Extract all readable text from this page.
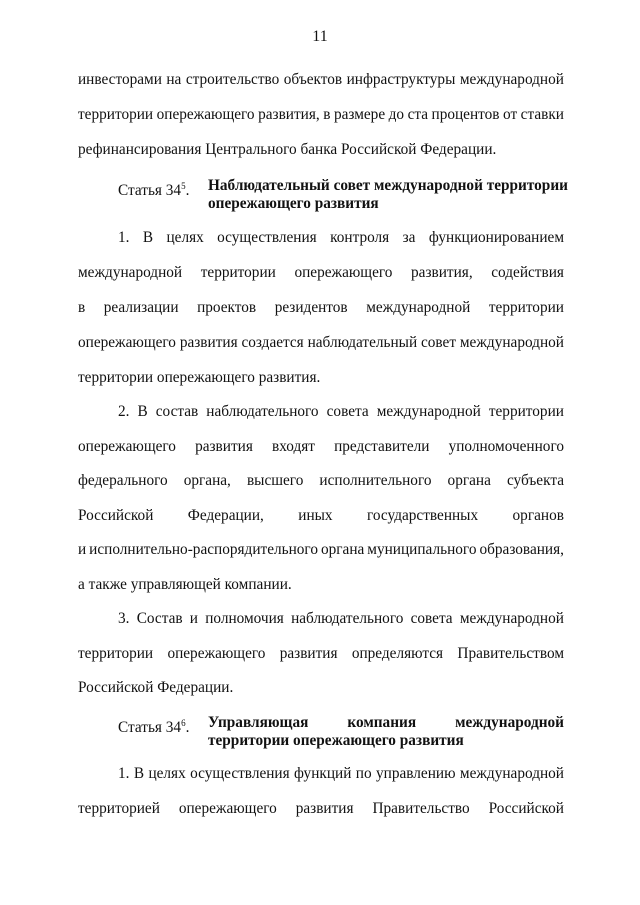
11
инвесторами на строительство объектов инфраструктуры международной
территории опережающего развития, в размере до ста процентов от ставки
рефинансирования Центрального банка Российской Федерации.
Статья $34^5$. Наблюдательный совет международной территории
опережающего развития
1. В целях осуществления контроля за функционированием
международной территории опережающего развития, содействия
в реализации проектов резидентов международной территории
опережающего развития создается наблюдательный совет международной
территории опережающего развития.
2. В состав наблюдательного совета международной территории
опережающего развития входят представители уполномоченного
федерального органа, высшего исполнительного органа субъекта
Российской Федерации, иных государственных органов
и исполнительно-распорядительного органа муниципального образования,
а также управляющей компании.
3. Состав и полномочия наблюдательного совета международной
территории опережающего развития определяются Правительством
Российской Федерации.
Статья $34^6$. Управляющая	компания	международной
территории опережающего развития
1. В целях осуществления функций по управлению международной
территорией опережающего развития Правительство Российской
